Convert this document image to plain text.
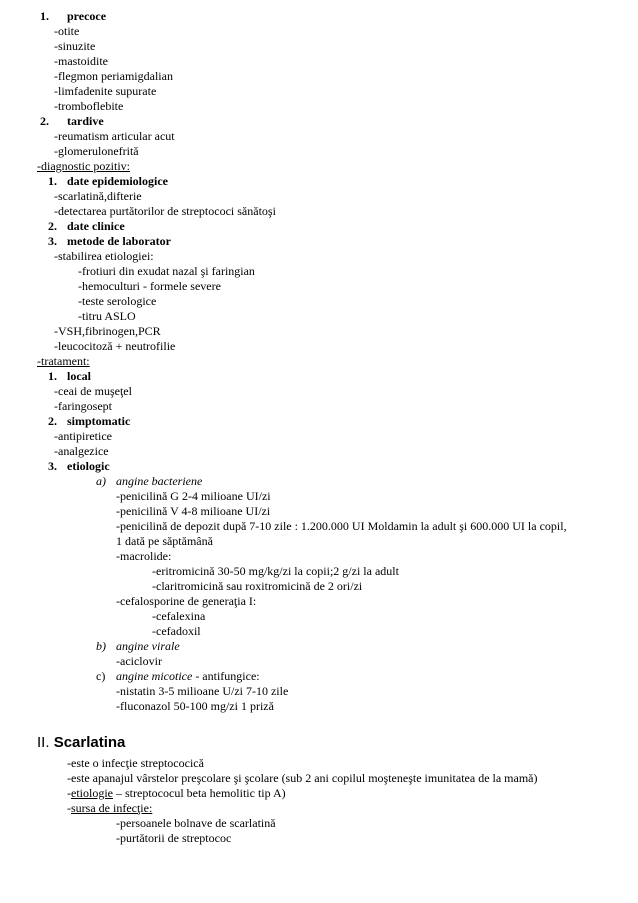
1. precoce
-otite
-sinuzite
-mastoidite
-flegmon periamigdalian
-limfadenite supurate
-tromboflebite
2. tardive
-reumatism articular acut
-glomerulonefrită
-diagnostic pozitiv:
1. date epidemiologice
-scarlatină,difterie
-detectarea purtătorilor de streptococi sănătoşi
2. date clinice
3. metode de laborator
-stabilirea etiologiei:
-frotiuri din exudat nazal şi faringian
-hemoculturi - formele severe
-teste serologice
-titru ASLO
-VSH,fibrinogen,PCR
-leucocitoză + neutrofilie
-tratament:
1. local
-ceai de muşeţel
-faringosept
2. simptomatic
-antipiretice
-analgezice
3. etiologic
a) angine bacteriene
-penicilină G 2-4 milioane UI/zi
-penicilină V 4-8 milioane UI/zi
-penicilină de depozit după 7-10 zile : 1.200.000 UI Moldamin la adult şi 600.000 UI la copil,
1 dată pe săptămână
-macrolide:
-eritromicină 30-50 mg/kg/zi la copii;2 g/zi la adult
-claritromicină sau roxitromicină de 2 ori/zi
-cefalosporine de generaţia I:
-cefalexina
-cefadoxil
b) angine virale
-aciclovir
c) angine micotice - antifungice:
-nistatin 3-5 milioane U/zi 7-10 zile
-fluconazol 50-100 mg/zi 1 priză
II. Scarlatina
-este o infecţie streptococică
-este apanajul vârstelor preşcolare şi şcolare (sub 2 ani copilul moşteneşte imunitatea de la mamă)
-etiologie – streptococul beta hemolitic tip A)
-sursa de infecţie:
-persoanele bolnave de scarlatină
-purtătorii de streptococ
